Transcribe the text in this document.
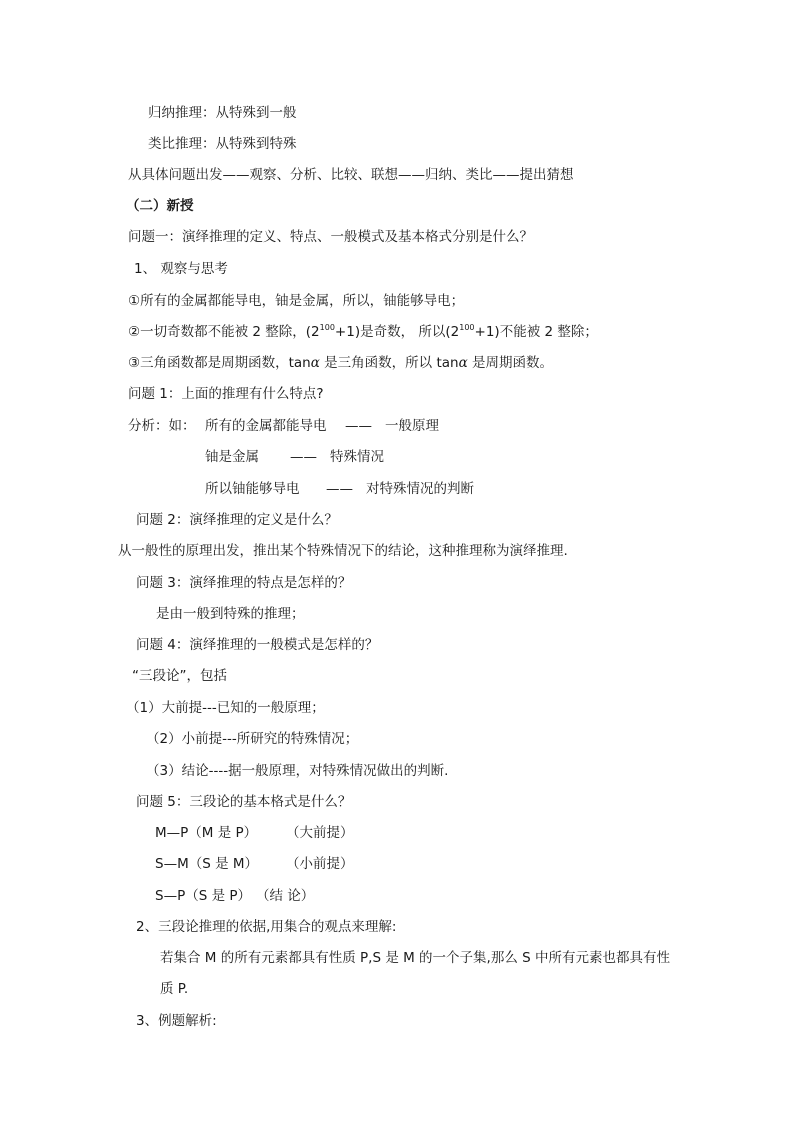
归纳推理：从特殊到一般
类比推理：从特殊到特殊
从具体问题出发——观察、分析、比较、联想——归纳、类比——提出猜想
（二）新授
问题一：演绎推理的定义、特点、一般模式及基本格式分别是什么？
1、 观察与思考
①所有的金属都能导电，铀是金属，所以，铀能够导电；
②一切奇数都不能被 2 整除，$(2^{100}+1)$是奇数， 所以$(2^{100}+1)$不能被 2 整除；
③三角函数都是周期函数，tanα 是三角函数，所以 tanα 是周期函数。
问题 1：上面的推理有什么特点?
分析：如： 所有的金属都能导电 —— 一般原理
铀是金属 —— 特殊情况
所以铀能够导电 —— 对特殊情况的判断
问题 2：演绎推理的定义是什么？
从一般性的原理出发，推出某个特殊情况下的结论，这种推理称为演绎推理.
问题 3：演绎推理的特点是怎样的？
是由一般到特殊的推理；
问题 4：演绎推理的一般模式是怎样的？
“三段论”，包括
（1）大前提---已知的一般原理；
（2）小前提---所研究的特殊情况；
（3）结论----据一般原理，对特殊情况做出的判断.
问题 5：三段论的基本格式是什么？
M—P（M 是 P） （大前提）
S—M（S 是 M） （小前提）
S—P（S 是 P） （结 论）
2、三段论推理的依据,用集合的观点来理解:
若集合 M 的所有元素都具有性质 P,S 是 M 的一个子集,那么 S 中所有元素也都具有性
质 P.
3、例题解析:
